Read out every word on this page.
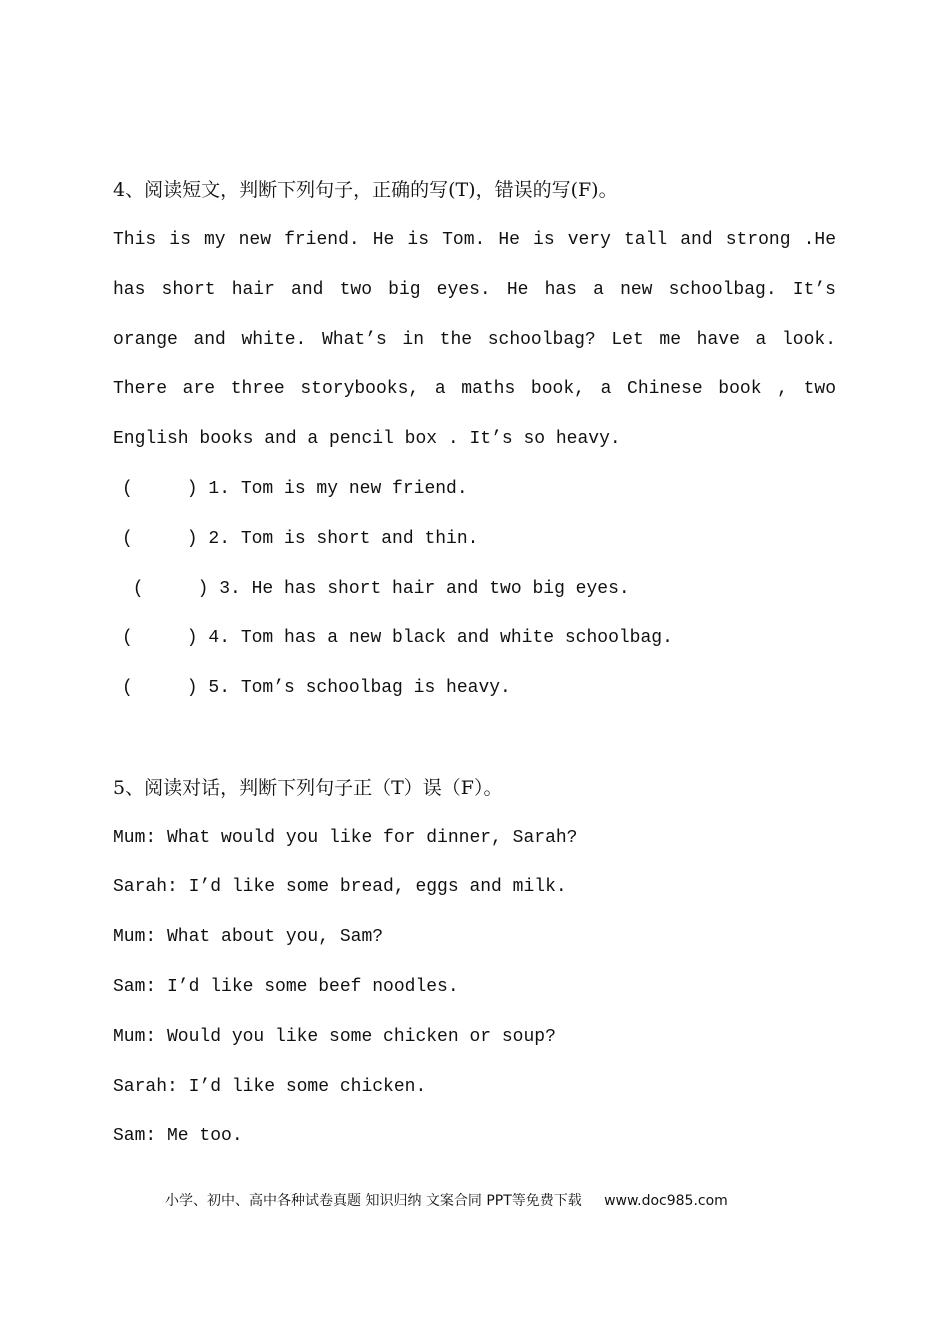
4、阅读短文，判断下列句子，正确的写(T)，错误的写(F)。
This is my new friend. He is Tom. He is very tall and strong .He
has short hair and two big eyes. He has a new schoolbag. It’s
orange and white. What’s in the schoolbag? Let me have a look.
There are three storybooks, a maths book, a Chinese book , two
English books and a pencil box . It’s so heavy.
(     ) 1. Tom is my new friend.
(     ) 2. Tom is short and thin.
(     ) 3. He has short hair and two big eyes.
(     ) 4. Tom has a new black and white schoolbag.
(     ) 5. Tom’s schoolbag is heavy.
5、阅读对话，判断下列句子正（T）误（F）。
Mum: What would you like for dinner, Sarah?
Sarah: I’d like some bread, eggs and milk.
Mum: What about you, Sam?
Sam: I’d like some beef noodles.
Mum: Would you like some chicken or soup?
Sarah: I’d like some chicken.
Sam: Me too.
小学、初中、高中各种试卷真题 知识归纳 文案合同 PPT等免费下载 www.doc985.com
